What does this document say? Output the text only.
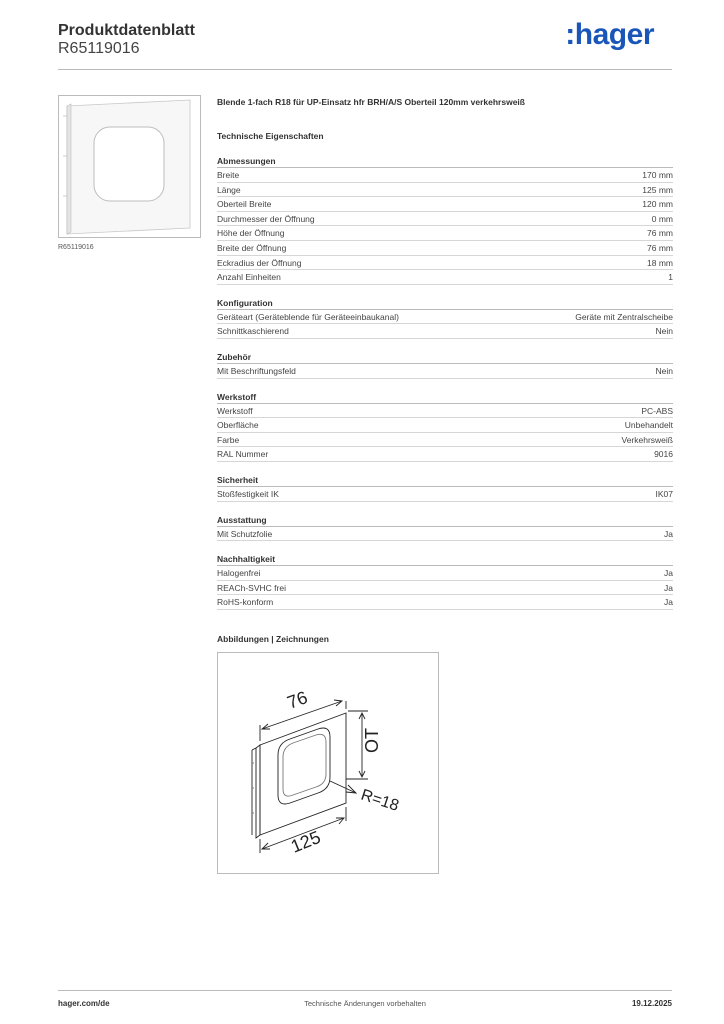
Produktdatenblatt
R65119016	:hager
R65119016
Blende 1-fach R18 für UP-Einsatz hfr BRH/A/S Oberteil 120mm verkehrsweiß
Technische Eigenschaften
Abmessungen
Breite	170 mm
Länge	125 mm
Oberteil Breite	120 mm
Durchmesser der Öffnung	0 mm
Höhe der Öffnung	76 mm
Breite der Öffnung	76 mm
Eckradius der Öffnung	18 mm
Anzahl Einheiten	1
Konfiguration
Geräteart (Geräteblende für Geräteeinbaukanal)	Geräte mit Zentralscheibe
Schnittkaschierend	Nein
Zubehör
Mit Beschriftungsfeld	Nein
Werkstoff
Werkstoff	PC-ABS
Oberfläche	Unbehandelt
Farbe	Verkehrsweiß
RAL Nummer	9016
Sicherheit
Stoßfestigkeit IK	IK07
Ausstattung
Mit Schutzfolie	Ja
Nachhaltigkeit
Halogenfrei	Ja
REACh-SVHC frei	Ja
RoHS-konform	Ja
Abbildungen | Zeichnungen
76
OT
R=18
125
hager.com/de	Technische Änderungen vorbehalten	19.12.2025
